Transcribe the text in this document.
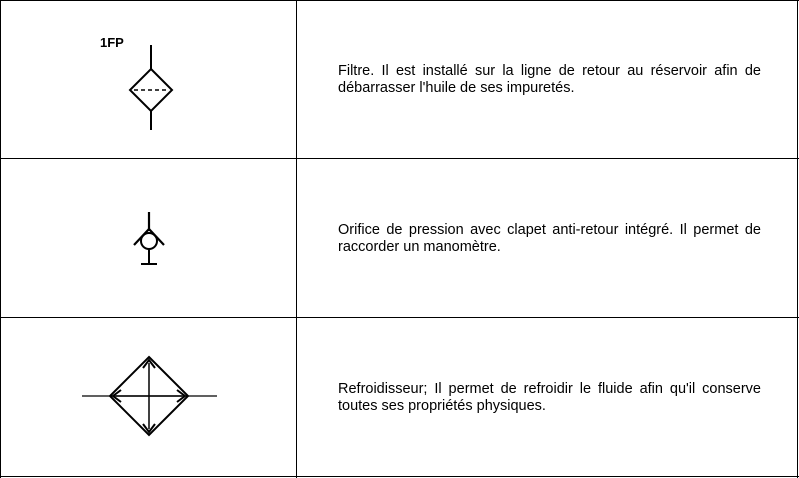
1FP
Filtre. Il est installé sur la ligne de retour au réservoir afin de débarrasser l'huile de ses impuretés.
Orifice de pression avec clapet anti-retour intégré. Il permet de raccorder un manomètre.
Refroidisseur; Il permet de refroidir le fluide afin qu'il conserve toutes ses propriétés physiques.
